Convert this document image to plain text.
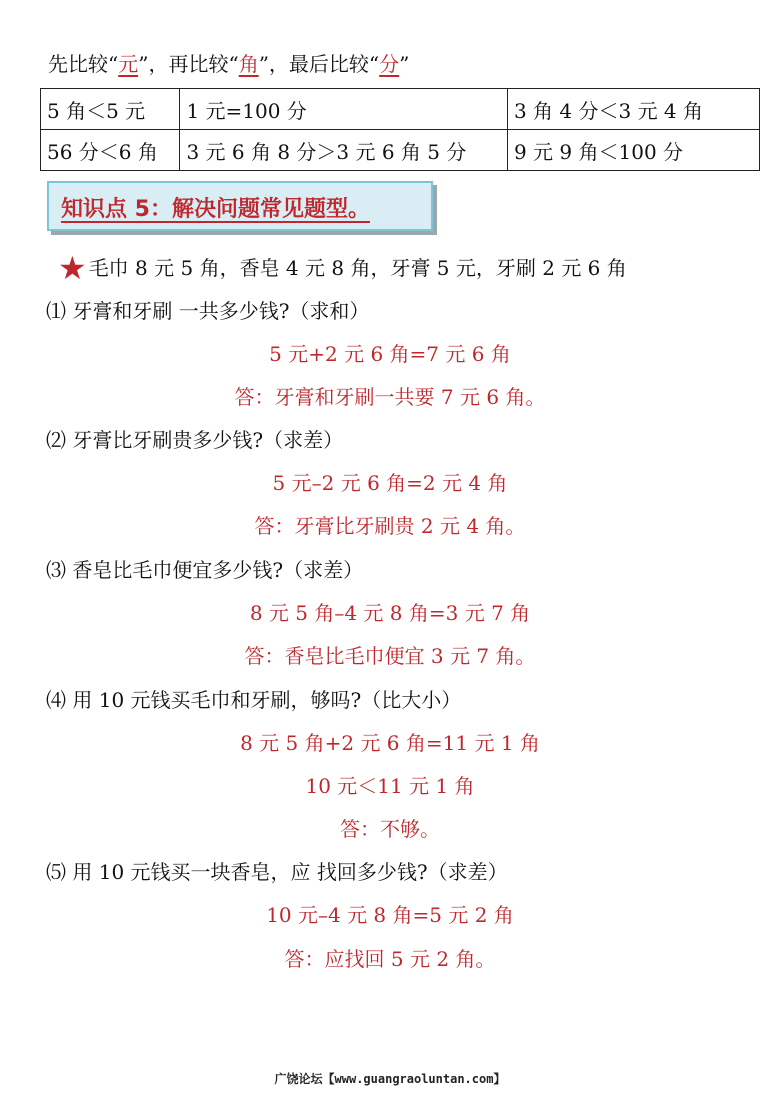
先比较“元”，再比较“角”，最后比较“分”
5 角＜5 元	1 元=100 分	3 角 4 分＜3 元 4 角
56 分＜6 角	3 元 6 角 8 分＞3 元 6 角 5 分	9 元 9 角＜100 分
知识点 5：解决问题常见题型。
★ 毛巾 8 元 5 角，香皂 4 元 8 角，牙膏 5 元，牙刷 2 元 6 角
⑴ 牙膏和牙刷 一共多少钱?（求和）
5 元+2 元 6 角=7 元 6 角
答：牙膏和牙刷一共要 7 元 6 角。
⑵ 牙膏比牙刷贵多少钱?（求差）
5 元–2 元 6 角=2 元 4 角
答：牙膏比牙刷贵 2 元 4 角。
⑶ 香皂比毛巾便宜多少钱?（求差）
8 元 5 角–4 元 8 角=3 元 7 角
答：香皂比毛巾便宜 3 元 7 角。
⑷ 用 10 元钱买毛巾和牙刷，够吗?（比大小）
8 元 5 角+2 元 6 角=11 元 1 角
10 元＜11 元 1 角
答：不够。
⑸ 用 10 元钱买一块香皂，应 找回多少钱?（求差）
10 元–4 元 8 角=5 元 2 角
答：应找回 5 元 2 角。
广饶论坛【www.guangraoluntan.com】
